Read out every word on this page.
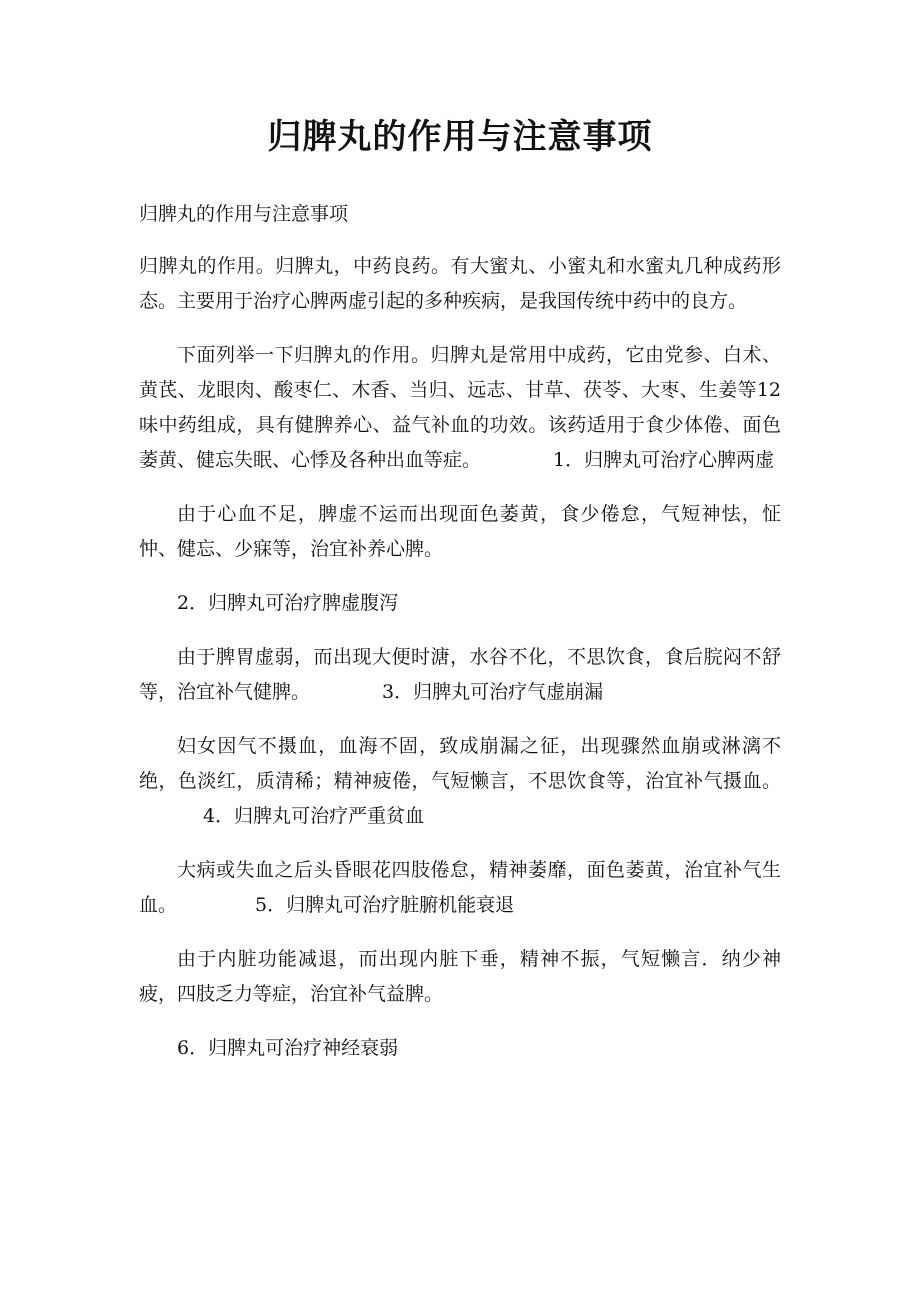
归脾丸的作用与注意事项

归脾丸的作用与注意事项

归脾丸的作用。归脾丸，中药良药。有大蜜丸、小蜜丸和水蜜丸几种成药形态。主要用于治疗心脾两虚引起的多种疾病，是我国传统中药中的良方。

下面列举一下归脾丸的作用。归脾丸是常用中成药，它由党参、白术、黄芪、龙眼肉、酸枣仁、木香、当归、远志、甘草、茯苓、大枣、生姜等12味中药组成，具有健脾养心、益气补血的功效。该药适用于食少体倦、面色萎黄、健忘失眠、心悸及各种出血等症。	1．归脾丸可治疗心脾两虚

由于心血不足，脾虚不运而出现面色萎黄，食少倦怠，气短神怯，怔忡、健忘、少寐等，治宜补养心脾。

2．归脾丸可治疗脾虚腹泻

由于脾胃虚弱，而出现大便时溏，水谷不化，不思饮食，食后脘闷不舒等，治宜补气健脾。	3．归脾丸可治疗气虚崩漏

妇女因气不摄血，血海不固，致成崩漏之征，出现骤然血崩或淋漓不绝，色淡红，质清稀；精神疲倦，气短懒言，不思饮食等，治宜补气摄血。4．归脾丸可治疗严重贫血

大病或失血之后头昏眼花四肢倦怠，精神萎靡，面色萎黄，治宜补气生血。	5．归脾丸可治疗脏腑机能衰退

由于内脏功能减退，而出现内脏下垂，精神不振，气短懒言．纳少神疲，四肢乏力等症，治宜补气益脾。

6．归脾丸可治疗神经衰弱
